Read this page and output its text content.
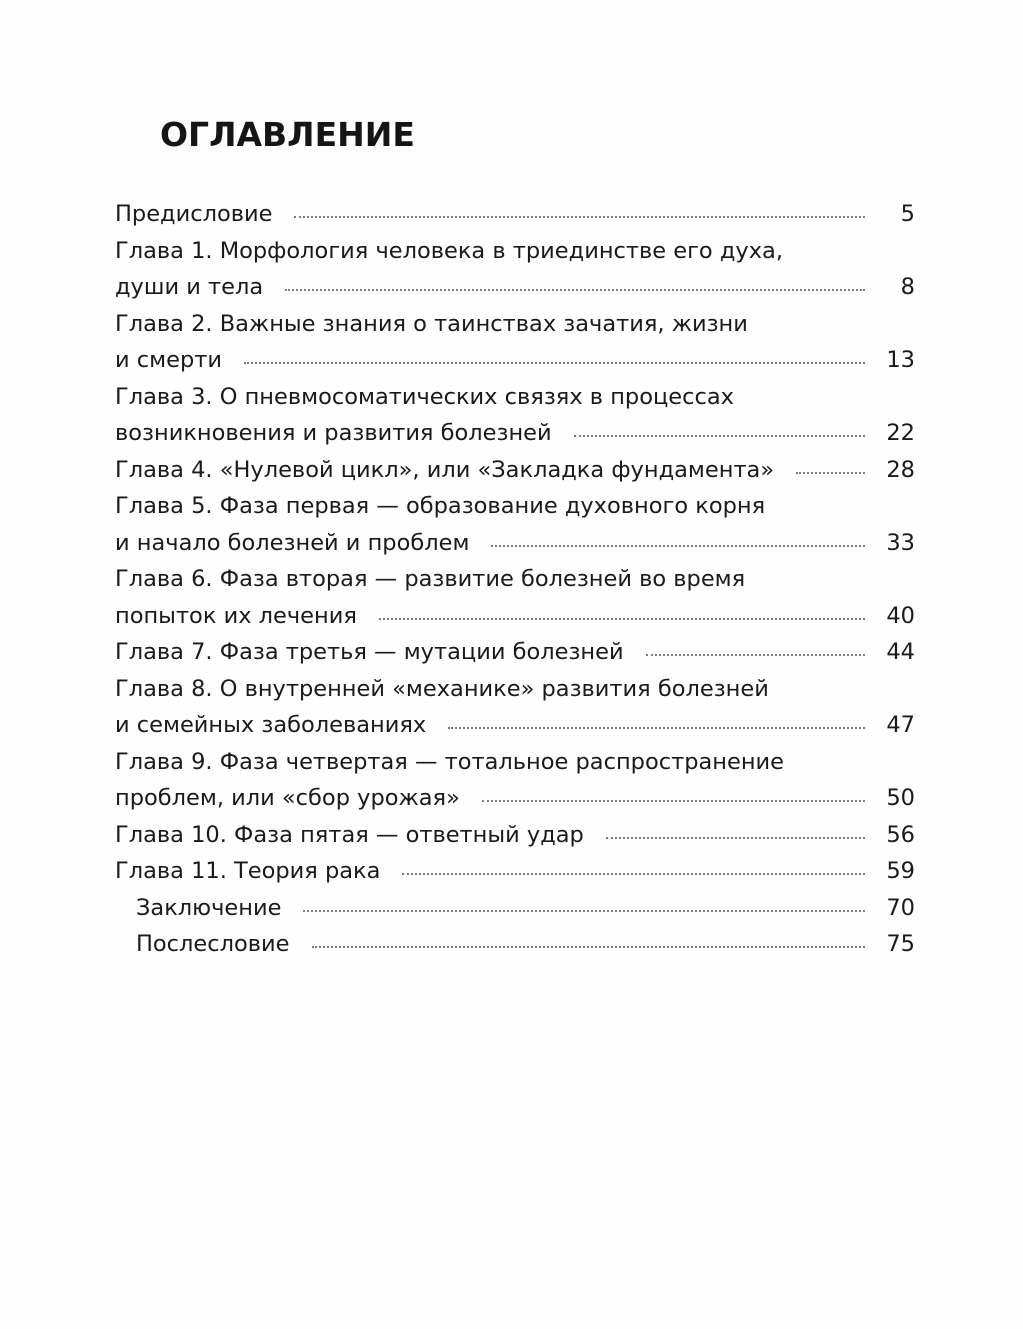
ОГЛАВЛЕНИЕ
Предисловие	5
Глава 1. Морфология человека в триединстве его духа,
души и тела	8
Глава 2. Важные знания о таинствах зачатия, жизни
и смерти	13
Глава 3. О пневмосоматических связях в процессах
возникновения и развития болезней	22
Глава 4. «Нулевой цикл», или «Закладка фундамента»	28
Глава 5. Фаза первая — образование духовного корня
и начало болезней и проблем	33
Глава 6. Фаза вторая — развитие болезней во время
попыток их лечения	40
Глава 7. Фаза третья — мутации болезней	44
Глава 8. О внутренней «механике» развития болезней
и семейных заболеваниях	47
Глава 9. Фаза четвертая — тотальное распространение
проблем, или «сбор урожая»	50
Глава 10. Фаза пятая — ответный удар	56
Глава 11. Теория рака	59
Заключение	70
Послесловие	75
